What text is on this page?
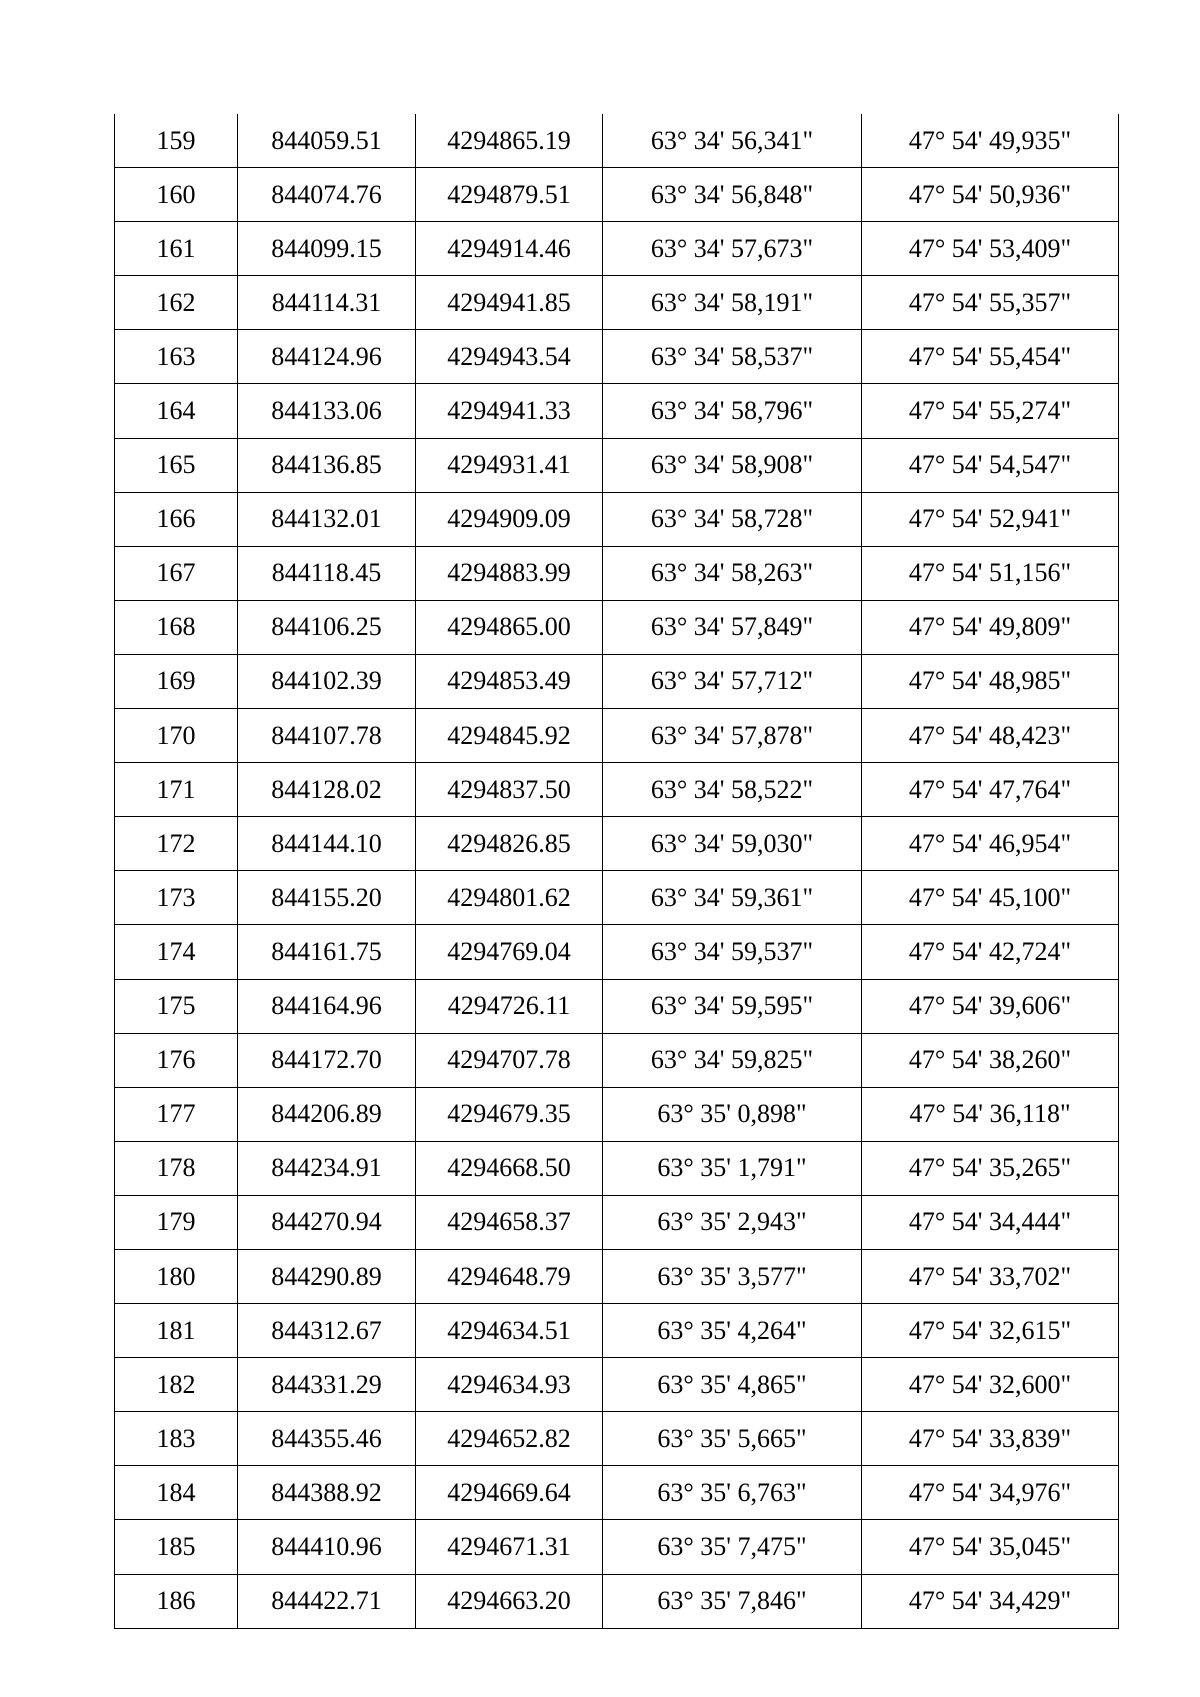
159	844059.51	4294865.19	63° 34' 56,341"	47° 54' 49,935"
160	844074.76	4294879.51	63° 34' 56,848"	47° 54' 50,936"
161	844099.15	4294914.46	63° 34' 57,673"	47° 54' 53,409"
162	844114.31	4294941.85	63° 34' 58,191"	47° 54' 55,357"
163	844124.96	4294943.54	63° 34' 58,537"	47° 54' 55,454"
164	844133.06	4294941.33	63° 34' 58,796"	47° 54' 55,274"
165	844136.85	4294931.41	63° 34' 58,908"	47° 54' 54,547"
166	844132.01	4294909.09	63° 34' 58,728"	47° 54' 52,941"
167	844118.45	4294883.99	63° 34' 58,263"	47° 54' 51,156"
168	844106.25	4294865.00	63° 34' 57,849"	47° 54' 49,809"
169	844102.39	4294853.49	63° 34' 57,712"	47° 54' 48,985"
170	844107.78	4294845.92	63° 34' 57,878"	47° 54' 48,423"
171	844128.02	4294837.50	63° 34' 58,522"	47° 54' 47,764"
172	844144.10	4294826.85	63° 34' 59,030"	47° 54' 46,954"
173	844155.20	4294801.62	63° 34' 59,361"	47° 54' 45,100"
174	844161.75	4294769.04	63° 34' 59,537"	47° 54' 42,724"
175	844164.96	4294726.11	63° 34' 59,595"	47° 54' 39,606"
176	844172.70	4294707.78	63° 34' 59,825"	47° 54' 38,260"
177	844206.89	4294679.35	63° 35' 0,898"	47° 54' 36,118"
178	844234.91	4294668.50	63° 35' 1,791"	47° 54' 35,265"
179	844270.94	4294658.37	63° 35' 2,943"	47° 54' 34,444"
180	844290.89	4294648.79	63° 35' 3,577"	47° 54' 33,702"
181	844312.67	4294634.51	63° 35' 4,264"	47° 54' 32,615"
182	844331.29	4294634.93	63° 35' 4,865"	47° 54' 32,600"
183	844355.46	4294652.82	63° 35' 5,665"	47° 54' 33,839"
184	844388.92	4294669.64	63° 35' 6,763"	47° 54' 34,976"
185	844410.96	4294671.31	63° 35' 7,475"	47° 54' 35,045"
186	844422.71	4294663.20	63° 35' 7,846"	47° 54' 34,429"
